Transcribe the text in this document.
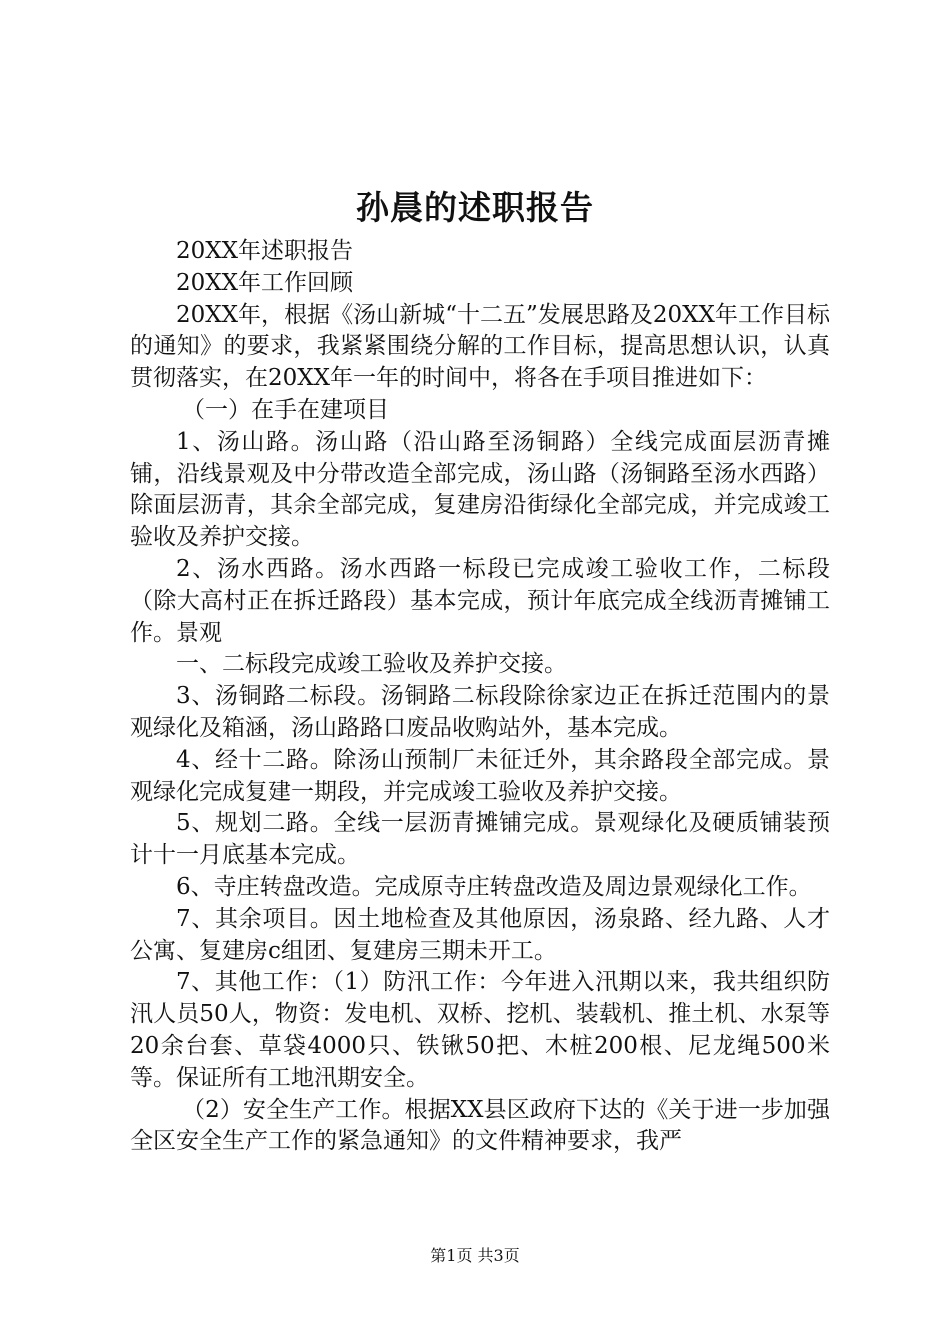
孙晨的述职报告

20XX年述职报告

20XX年工作回顾

20XX年，根据《汤山新城“十二五”发展思路及20XX年工作目标的通知》的要求，我紧紧围绕分解的工作目标，提高思想认识，认真贯彻落实，在20XX年一年的时间中，将各在手项目推进如下：

（一）在手在建项目

1、汤山路。汤山路（沿山路至汤铜路）全线完成面层沥青摊铺，沿线景观及中分带改造全部完成，汤山路（汤铜路至汤水西路）除面层沥青，其余全部完成，复建房沿街绿化全部完成，并完成竣工验收及养护交接。

2、汤水西路。汤水西路一标段已完成竣工验收工作，二标段（除大高村正在拆迁路段）基本完成，预计年底完成全线沥青摊铺工作。景观

一、二标段完成竣工验收及养护交接。

3、汤铜路二标段。汤铜路二标段除徐家边正在拆迁范围内的景观绿化及箱涵，汤山路路口废品收购站外，基本完成。

4、经十二路。除汤山预制厂未征迁外，其余路段全部完成。景观绿化完成复建一期段，并完成竣工验收及养护交接。

5、规划二路。全线一层沥青摊铺完成。景观绿化及硬质铺装预计十一月底基本完成。

6、寺庄转盘改造。完成原寺庄转盘改造及周边景观绿化工作。

7、其余项目。因土地检查及其他原因，汤泉路、经九路、人才公寓、复建房c组团、复建房三期未开工。

7、其他工作：（1）防汛工作：今年进入汛期以来，我共组织防汛人员50人，物资：发电机、双桥、挖机、装载机、推土机、水泵等20余台套、草袋4000只、铁锹50把、木桩200根、尼龙绳500米等。保证所有工地汛期安全。

（2）安全生产工作。根据XX县区政府下达的《关于进一步加强全区安全生产工作的紧急通知》的文件精神要求，我严

第1页 共3页
